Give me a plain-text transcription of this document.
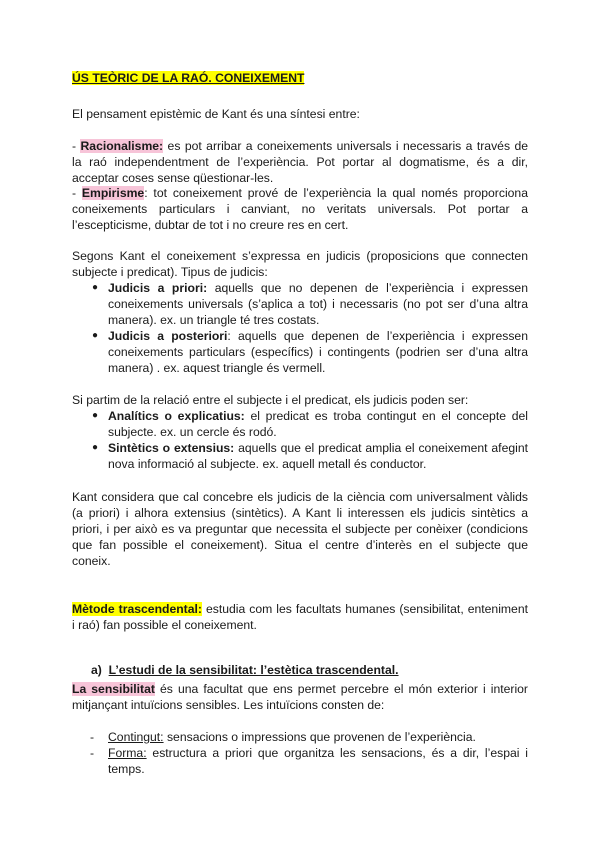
ÚS TEÒRIC DE LA RAÓ. CONEIXEMENT

El pensament epistèmic de Kant és una síntesi entre:

- Racionalisme: es pot arribar a coneixements universals i necessaris a través de la raó independentment de l’experiència. Pot portar al dogmatisme, és a dir, acceptar coses sense qüestionar-les.

- Empirisme: tot coneixement prové de l’experiència la qual només proporciona coneixements particulars i canviant, no veritats universals. Pot portar a l’escepticisme, dubtar de tot i no creure res en cert.

Segons Kant el coneixement s’expressa en judicis (proposicions que connecten subjecte i predicat). Tipus de judicis:

● Judicis a priori: aquells que no depenen de l’experiència i expressen coneixements universals (s’aplica a tot) i necessaris (no pot ser d’una altra manera). ex. un triangle té tres costats.
● Judicis a posteriori: aquells que depenen de l’experiència i expressen coneixements particulars (específics) i contingents (podrien ser d’una altra manera) . ex. aquest triangle és vermell.

Si partim de la relació entre el subjecte i el predicat, els judicis poden ser:

● Analítics o explicatius: el predicat es troba contingut en el concepte del subjecte. ex. un cercle és rodó.
● Sintètics o extensius: aquells que el predicat amplia el coneixement afegint nova informació al subjecte. ex. aquell metall és conductor.

Kant considera que cal concebre els judicis de la ciència com universalment vàlids (a priori) i alhora extensius (sintètics). A Kant li interessen els judicis sintètics a priori, i per això es va preguntar que necessita el subjecte per conèixer (condicions que fan possible el coneixement). Situa el centre d’interès en el subjecte que coneix.

Mètode trascendental: estudia com les facultats humanes (sensibilitat, enteniment i raó) fan possible el coneixement.

a) L’estudi de la sensibilitat: l’estètica trascendental.

La sensibilitat és una facultat que ens permet percebre el món exterior i interior mitjançant intuïcions sensibles. Les intuïcions consten de:

- Contingut: sensacions o impressions que provenen de l’experiència.
- Forma: estructura a priori que organitza les sensacions, és a dir, l’espai i temps.
